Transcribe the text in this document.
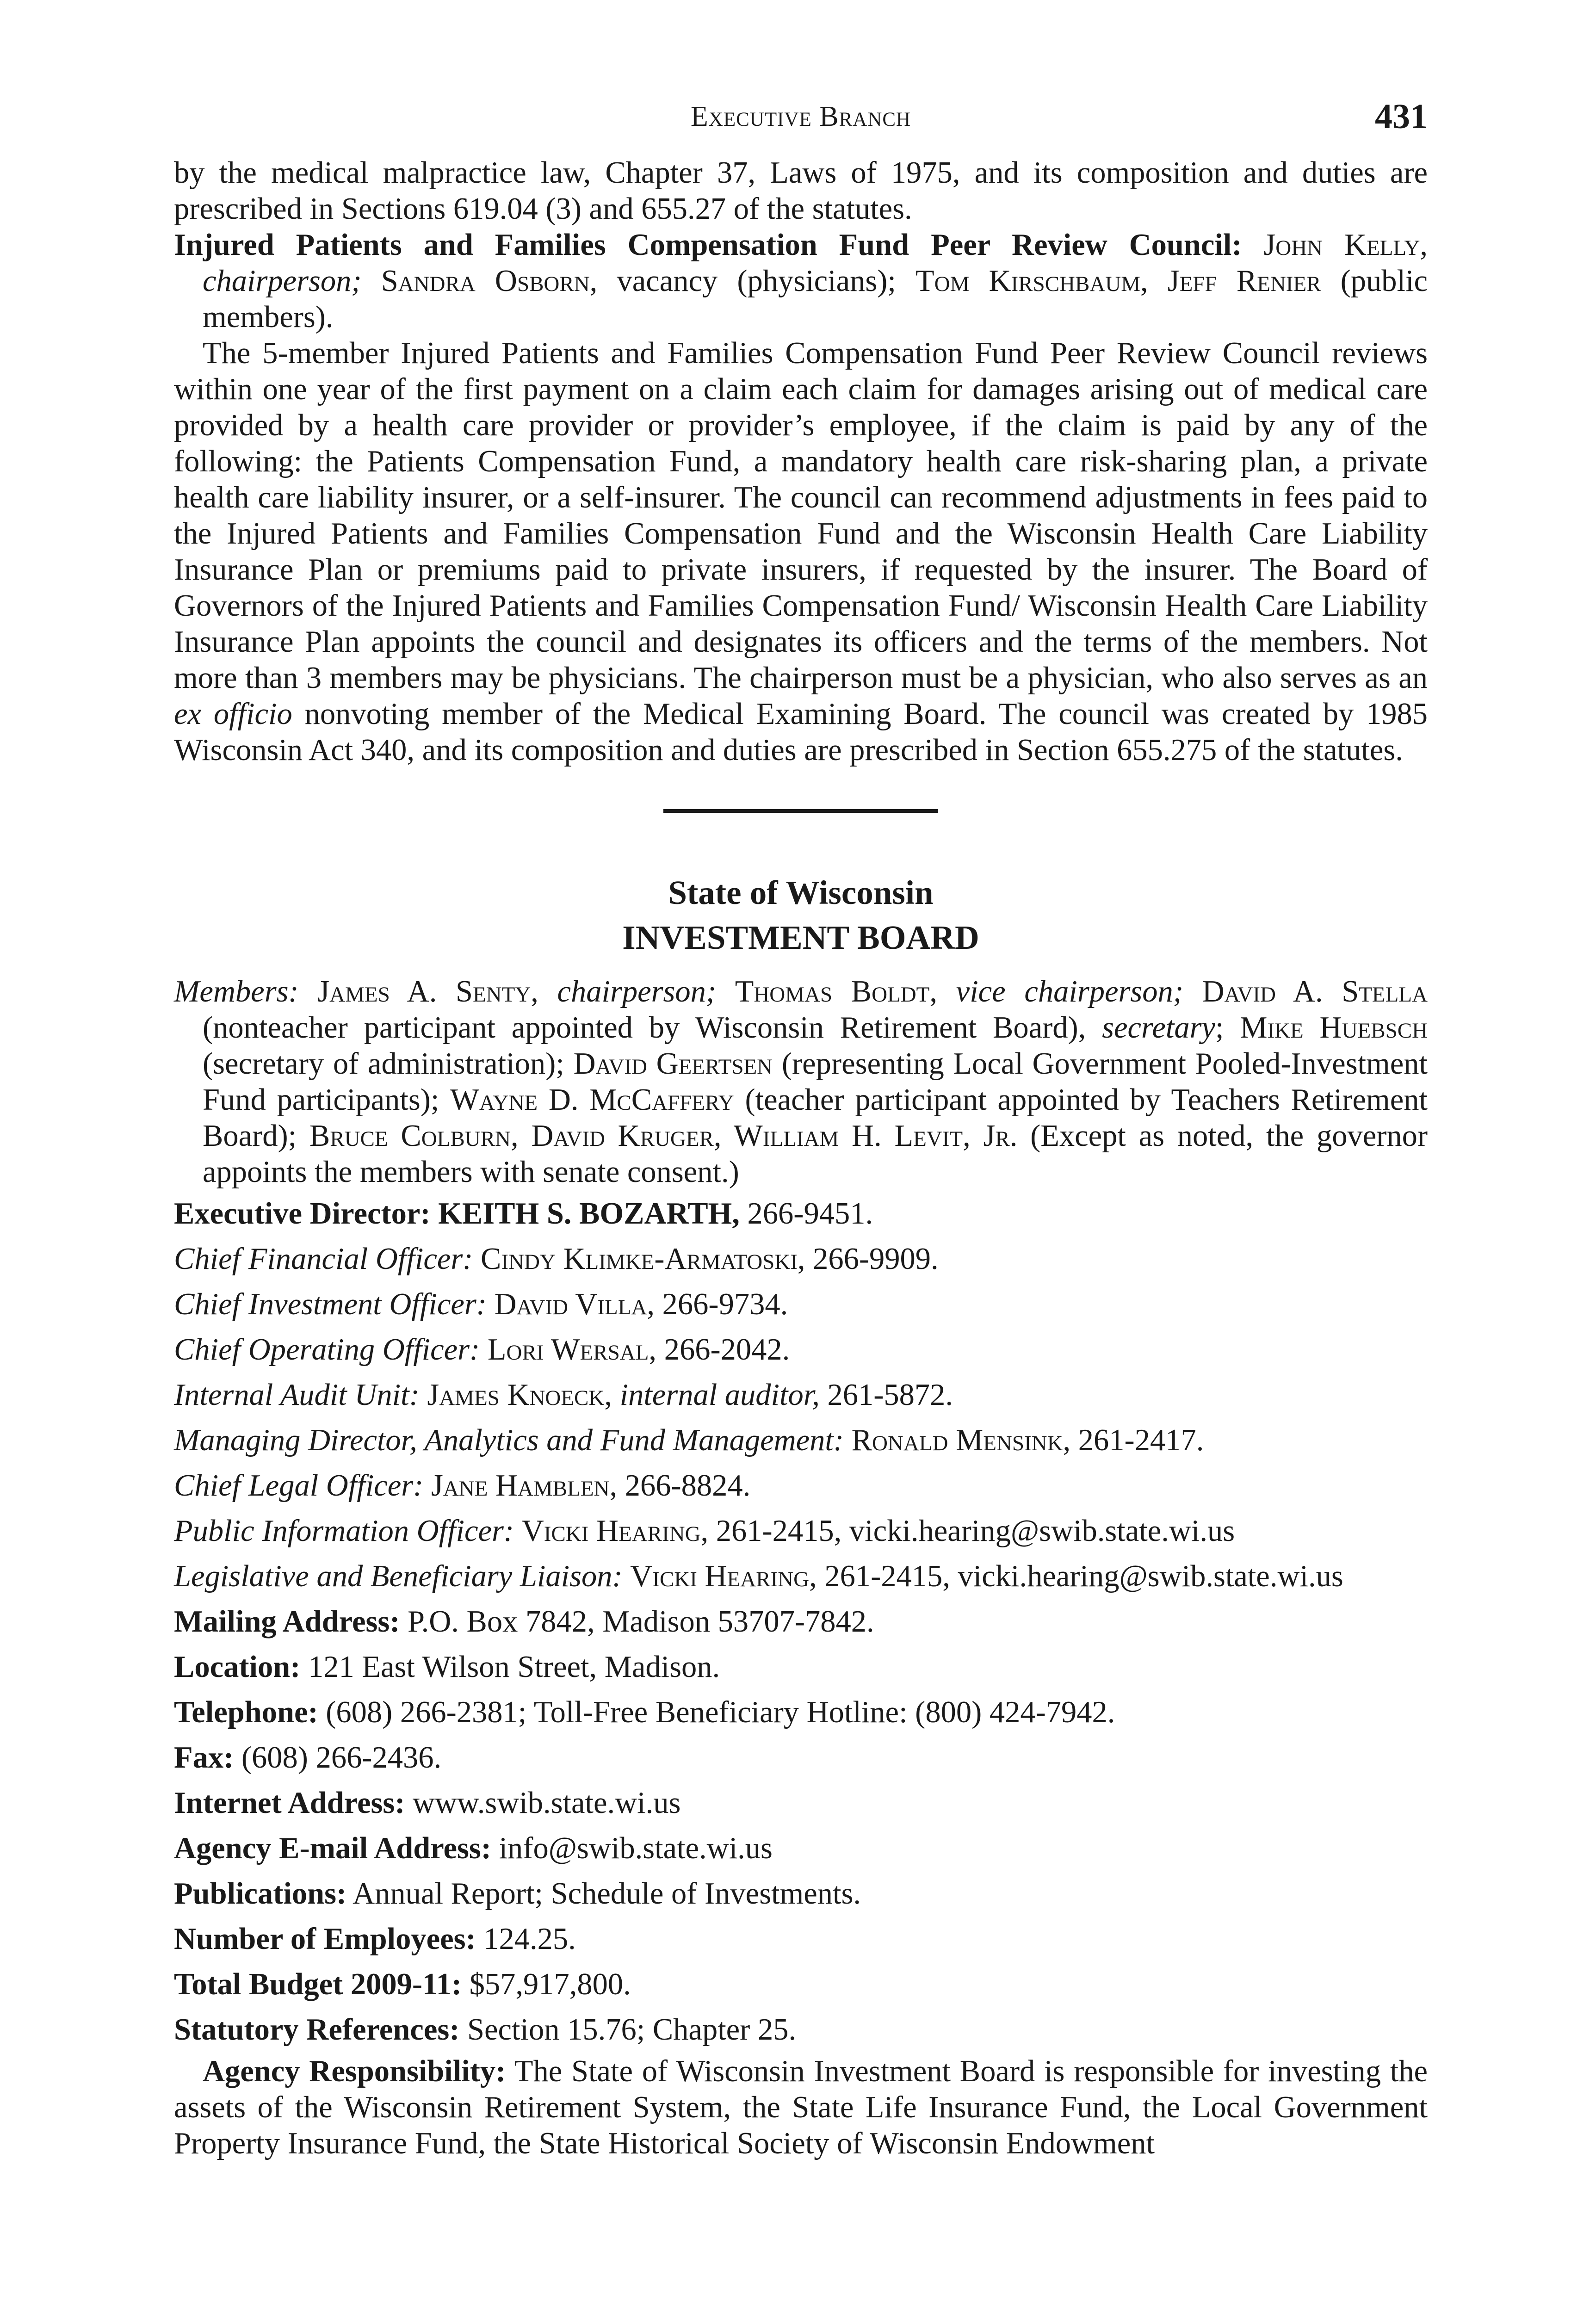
Executive Branch	431

by the medical malpractice law, Chapter 37, Laws of 1975, and its composition and duties are prescribed in Sections 619.04 (3) and 655.27 of the statutes.

Injured Patients and Families Compensation Fund Peer Review Council: John Kelly, chairperson; Sandra Osborn, vacancy (physicians); Tom Kirschbaum, Jeff Renier (public members).

The 5-member Injured Patients and Families Compensation Fund Peer Review Council reviews within one year of the first payment on a claim each claim for damages arising out of medical care provided by a health care provider or provider’s employee, if the claim is paid by any of the following: the Patients Compensation Fund, a mandatory health care risk-sharing plan, a private health care liability insurer, or a self-insurer. The council can recommend adjustments in fees paid to the Injured Patients and Families Compensation Fund and the Wisconsin Health Care Liability Insurance Plan or premiums paid to private insurers, if requested by the insurer. The Board of Governors of the Injured Patients and Families Compensation Fund/ Wisconsin Health Care Liability Insurance Plan appoints the council and designates its officers and the terms of the members. Not more than 3 members may be physicians. The chairperson must be a physician, who also serves as an ex officio nonvoting member of the Medical Examining Board. The council was created by 1985 Wisconsin Act 340, and its composition and duties are prescribed in Section 655.275 of the statutes.

State of Wisconsin
INVESTMENT BOARD

Members: James A. Senty, chairperson; Thomas Boldt, vice chairperson; David A. Stella (nonteacher participant appointed by Wisconsin Retirement Board), secretary; Mike Huebsch (secretary of administration); David Geertsen (representing Local Government Pooled-Investment Fund participants); Wayne D. McCaffery (teacher participant appointed by Teachers Retirement Board); Bruce Colburn, David Kruger, William H. Levit, Jr. (Except as noted, the governor appoints the members with senate consent.)

Executive Director: KEITH S. BOZARTH, 266-9451.

Chief Financial Officer: Cindy Klimke-Armatoski, 266-9909.

Chief Investment Officer: David Villa, 266-9734.

Chief Operating Officer: Lori Wersal, 266-2042.

Internal Audit Unit: James Knoeck, internal auditor, 261-5872.

Managing Director, Analytics and Fund Management: Ronald Mensink, 261-2417.

Chief Legal Officer: Jane Hamblen, 266-8824.

Public Information Officer: Vicki Hearing, 261-2415, vicki.hearing@swib.state.wi.us

Legislative and Beneficiary Liaison: Vicki Hearing, 261-2415, vicki.hearing@swib.state.wi.us

Mailing Address: P.O. Box 7842, Madison 53707-7842.

Location: 121 East Wilson Street, Madison.

Telephone: (608) 266-2381; Toll-Free Beneficiary Hotline: (800) 424-7942.

Fax: (608) 266-2436.

Internet Address: www.swib.state.wi.us

Agency E-mail Address: info@swib.state.wi.us

Publications: Annual Report; Schedule of Investments.

Number of Employees: 124.25.

Total Budget 2009-11: $57,917,800.

Statutory References: Section 15.76; Chapter 25.

Agency Responsibility: The State of Wisconsin Investment Board is responsible for investing the assets of the Wisconsin Retirement System, the State Life Insurance Fund, the Local Government Property Insurance Fund, the State Historical Society of Wisconsin Endowment
